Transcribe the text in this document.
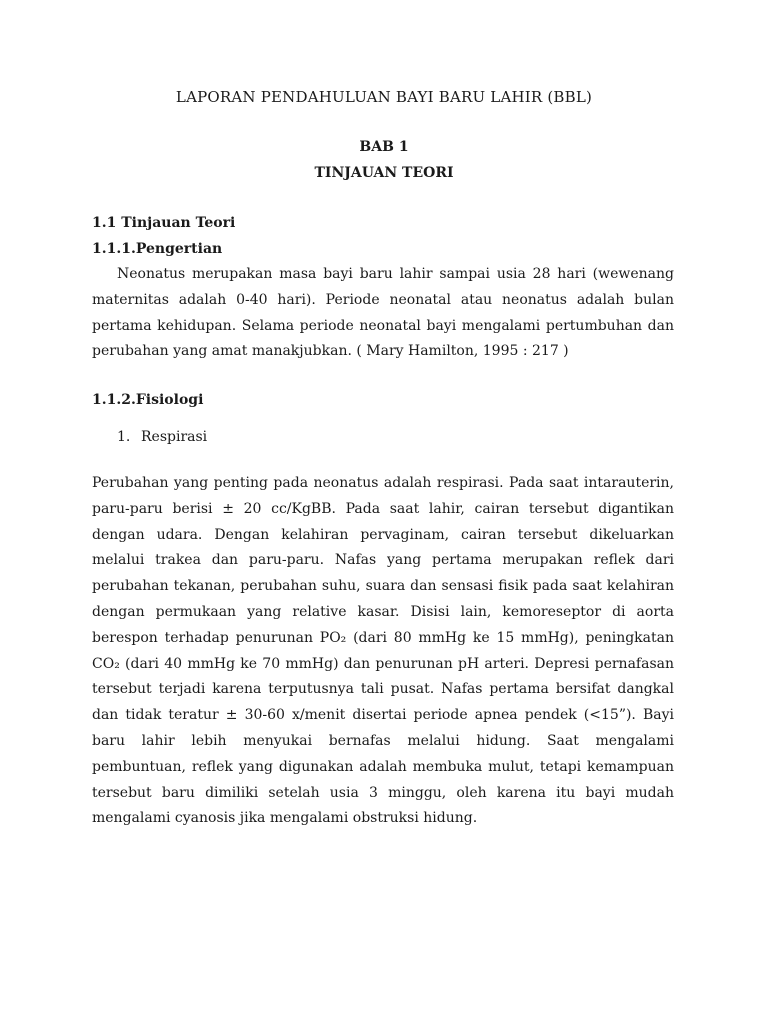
LAPORAN PENDAHULUAN BAYI BARU LAHIR (BBL)
BAB 1
TINJAUAN TEORI
1.1 Tinjauan Teori
1.1.1.Pengertian

Neonatus merupakan masa bayi baru lahir sampai usia 28 hari (wewenang maternitas adalah 0-40 hari). Periode neonatal atau neonatus adalah bulan pertama kehidupan. Selama periode neonatal bayi mengalami pertumbuhan dan perubahan yang amat manakjubkan. ( Mary Hamilton, 1995 : 217 )

1.1.2.Fisiologi
1. Respirasi

Perubahan yang penting pada neonatus adalah respirasi. Pada saat intarauterin, paru-paru berisi ± 20 cc/KgBB. Pada saat lahir, cairan tersebut digantikan dengan udara. Dengan kelahiran pervaginam, cairan tersebut dikeluarkan melalui trakea dan paru-paru. Nafas yang pertama merupakan reflek dari perubahan tekanan, perubahan suhu, suara dan sensasi fisik pada saat kelahiran dengan permukaan yang relative kasar. Disisi lain, kemoreseptor di aorta berespon terhadap penurunan PO₂ (dari 80 mmHg ke 15 mmHg), peningkatan CO₂ (dari 40 mmHg ke 70 mmHg) dan penurunan pH arteri. Depresi pernafasan tersebut terjadi karena terputusnya tali pusat. Nafas pertama bersifat dangkal dan tidak teratur ± 30-60 x/menit disertai periode apnea pendek (<15”). Bayi baru lahir lebih menyukai bernafas melalui hidung. Saat mengalami pembuntuan, reflek yang digunakan adalah membuka mulut, tetapi kemampuan tersebut baru dimiliki setelah usia 3 minggu, oleh karena itu bayi mudah mengalami cyanosis jika mengalami obstruksi hidung.
